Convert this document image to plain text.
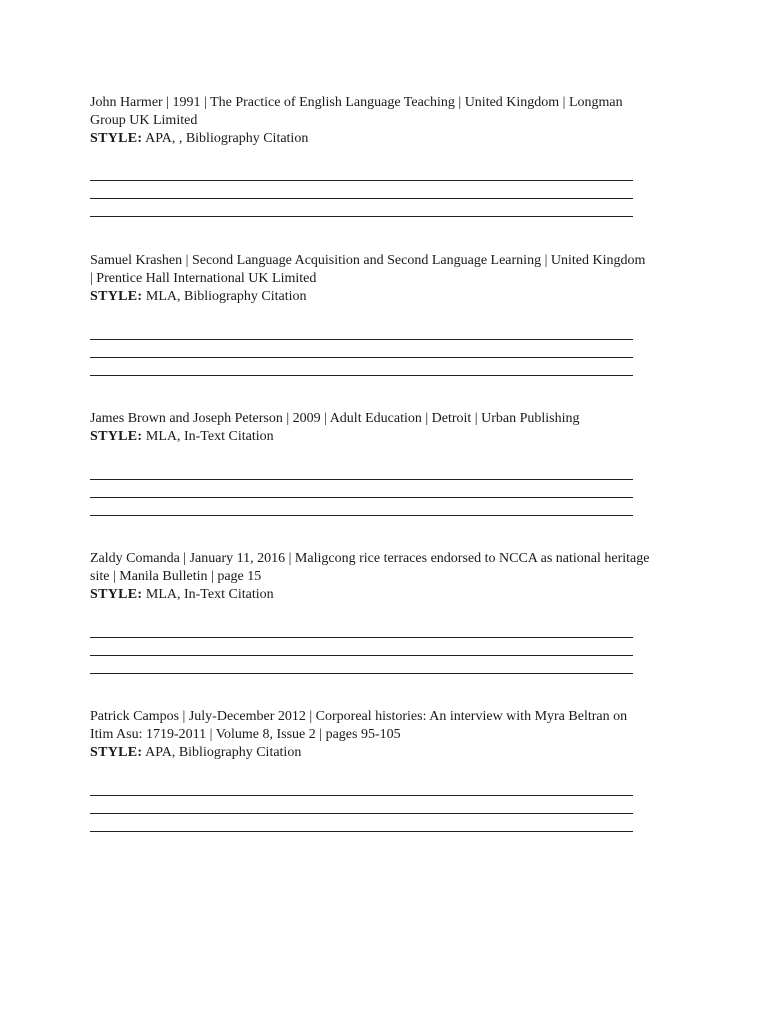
John Harmer | 1991 | The Practice of English Language Teaching | United Kingdom | Longman Group UK Limited

STYLE: APA, , Bibliography Citation

Samuel Krashen | Second Language Acquisition and Second Language Learning | United Kingdom | Prentice Hall International UK Limited

STYLE: MLA, Bibliography Citation

James Brown and Joseph Peterson | 2009 | Adult Education | Detroit | Urban Publishing

STYLE: MLA, In-Text Citation

Zaldy Comanda | January 11, 2016 | Maligcong rice terraces endorsed to NCCA as national heritage site | Manila Bulletin | page 15

STYLE: MLA, In-Text Citation

Patrick Campos | July-December 2012 | Corporeal histories: An interview with Myra Beltran on Itim Asu: 1719-2011 | Volume 8, Issue 2 | pages 95-105

STYLE: APA, Bibliography Citation
